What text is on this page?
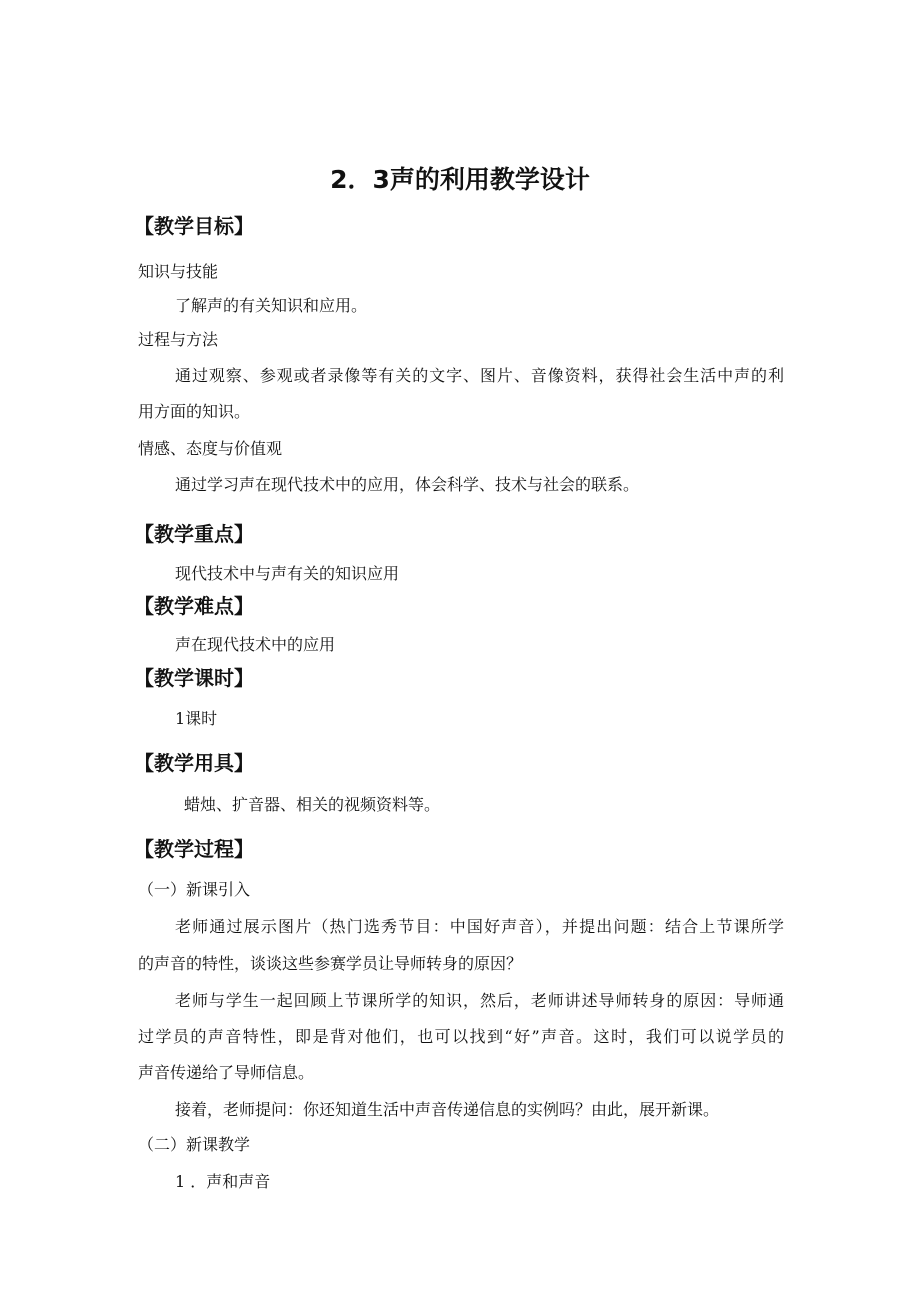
2．3声的利用教学设计
【教学目标】
知识与技能
了解声的有关知识和应用。
过程与方法
通过观察、参观或者录像等有关的文字、图片、音像资料，获得社会生活中声的利
用方面的知识。
情感、态度与价值观
通过学习声在现代技术中的应用，体会科学、技术与社会的联系。
【教学重点】
现代技术中与声有关的知识应用
【教学难点】
声在现代技术中的应用
【教学课时】
1课时
【教学用具】
蜡烛、扩音器、相关的视频资料等。
【教学过程】
（一）新课引入
老师通过展示图片（热门选秀节目：中国好声音），并提出问题：结合上节课所学
的声音的特性，谈谈这些参赛学员让导师转身的原因？
老师与学生一起回顾上节课所学的知识，然后，老师讲述导师转身的原因：导师通
过学员的声音特性，即是背对他们，也可以找到“好”声音。这时，我们可以说学员的
声音传递给了导师信息。
接着，老师提问：你还知道生活中声音传递信息的实例吗？由此，展开新课。
（二）新课教学
1 ．声和声音
